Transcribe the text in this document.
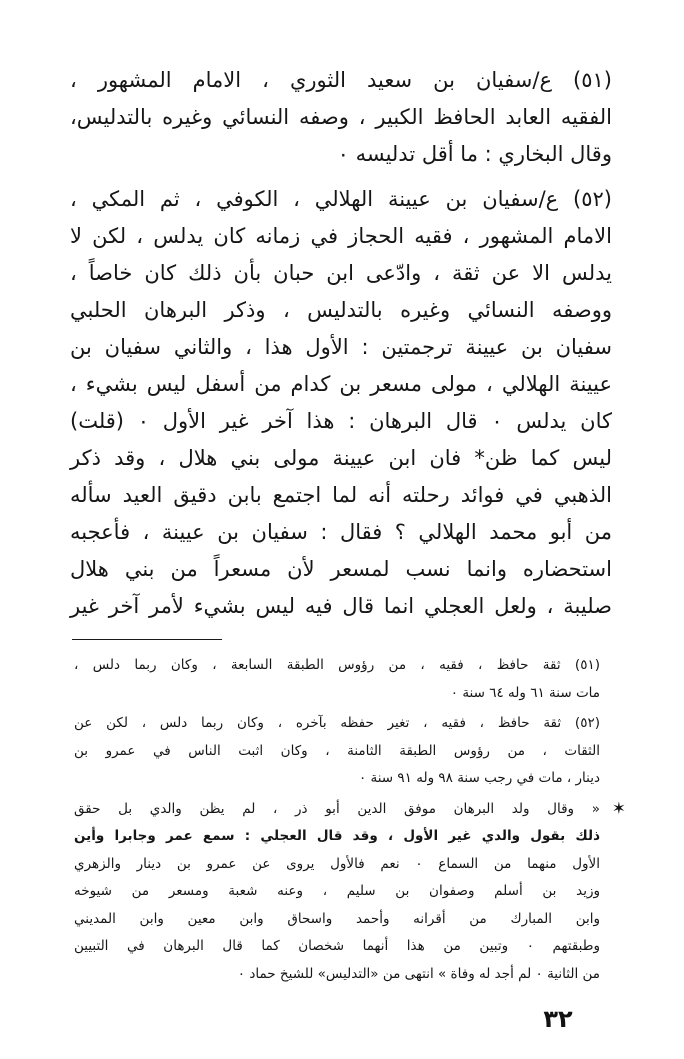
(٥١) ع/سفيان بن سعيد الثوري ، الامام المشهور ،
الفقيه العابد الحافظ الكبير ، وصفه النسائي وغيره بالتدليس،
وقال البخاري : ما أقل تدليسه ٠

(٥٢) ع/سفيان بن عيينة الهلالي ، الكوفي ، ثم المكي ،
الامام المشهور ، فقيه الحجاز في زمانه كان يدلس ، لكن لا
يدلس الا عن ثقة ، وادّعى ابن حبان بأن ذلك كان خاصاً ،
ووصفه النسائي وغيره بالتدليس ، وذكر البرهان الحلبي
سفيان بن عيينة ترجمتين : الأول هذا ، والثاني سفيان بن
عيينة الهلالي ، مولى مسعر بن كدام من أسفل ليس بشيء ،
كان يدلس ٠ قال البرهان : هذا آخر غير الأول ٠ (قلت)
ليس كما ظن* فان ابن عيينة مولى بني هلال ، وقد ذكر
الذهبي في فوائد رحلته أنه لما اجتمع بابن دقيق العيد سأله
من أبو محمد الهلالي ؟ فقال : سفيان بن عيينة ، فأعجبه
استحضاره وانما نسب لمسعر لأن مسعراً من بني هلال
صليبة ، ولعل العجلي انما قال فيه ليس بشيء لأمر آخر غير

(٥١) ثقة حافظ ، فقيه ، من رؤوس الطبقة السابعة ، وكان ربما دلس ،
مات سنة ٦١ وله ٦٤ سنة ٠

(٥٢) ثقة حافظ ، فقيه ، تغير حفظه بآخره ، وكان ربما دلس ، لكن عن
الثقات ، من رؤوس الطبقة الثامنة ، وكان اثبت الناس في عمرو بن
دينار ، مات في رجب سنة ٩٨ وله ٩١ سنة ٠

✶
« وقال ولد البرهان موفق الدين أبو ذر ، لم يظن والدي بل حقق
ذلك بقول والدي غير الأول ، وقد قال العجلي : سمع عمر وجابرا وأين
الأول منهما من السماع ٠ نعم فالأول يروى عن عمرو بن دينار والزهري
وزيد بن أسلم وصفوان بن سليم ، وعنه شعبة ومسعر من شيوخه
وابن المبارك من أقرانه وأحمد واسحاق وابن معين وابن المديني
وطبقتهم ٠ وتبين من هذا أنهما شخصان كما قال البرهان في التبيين
من الثانية ٠ لم أجد له وفاة » انتهى من «التدليس» للشيخ حماد ٠

٣٢
